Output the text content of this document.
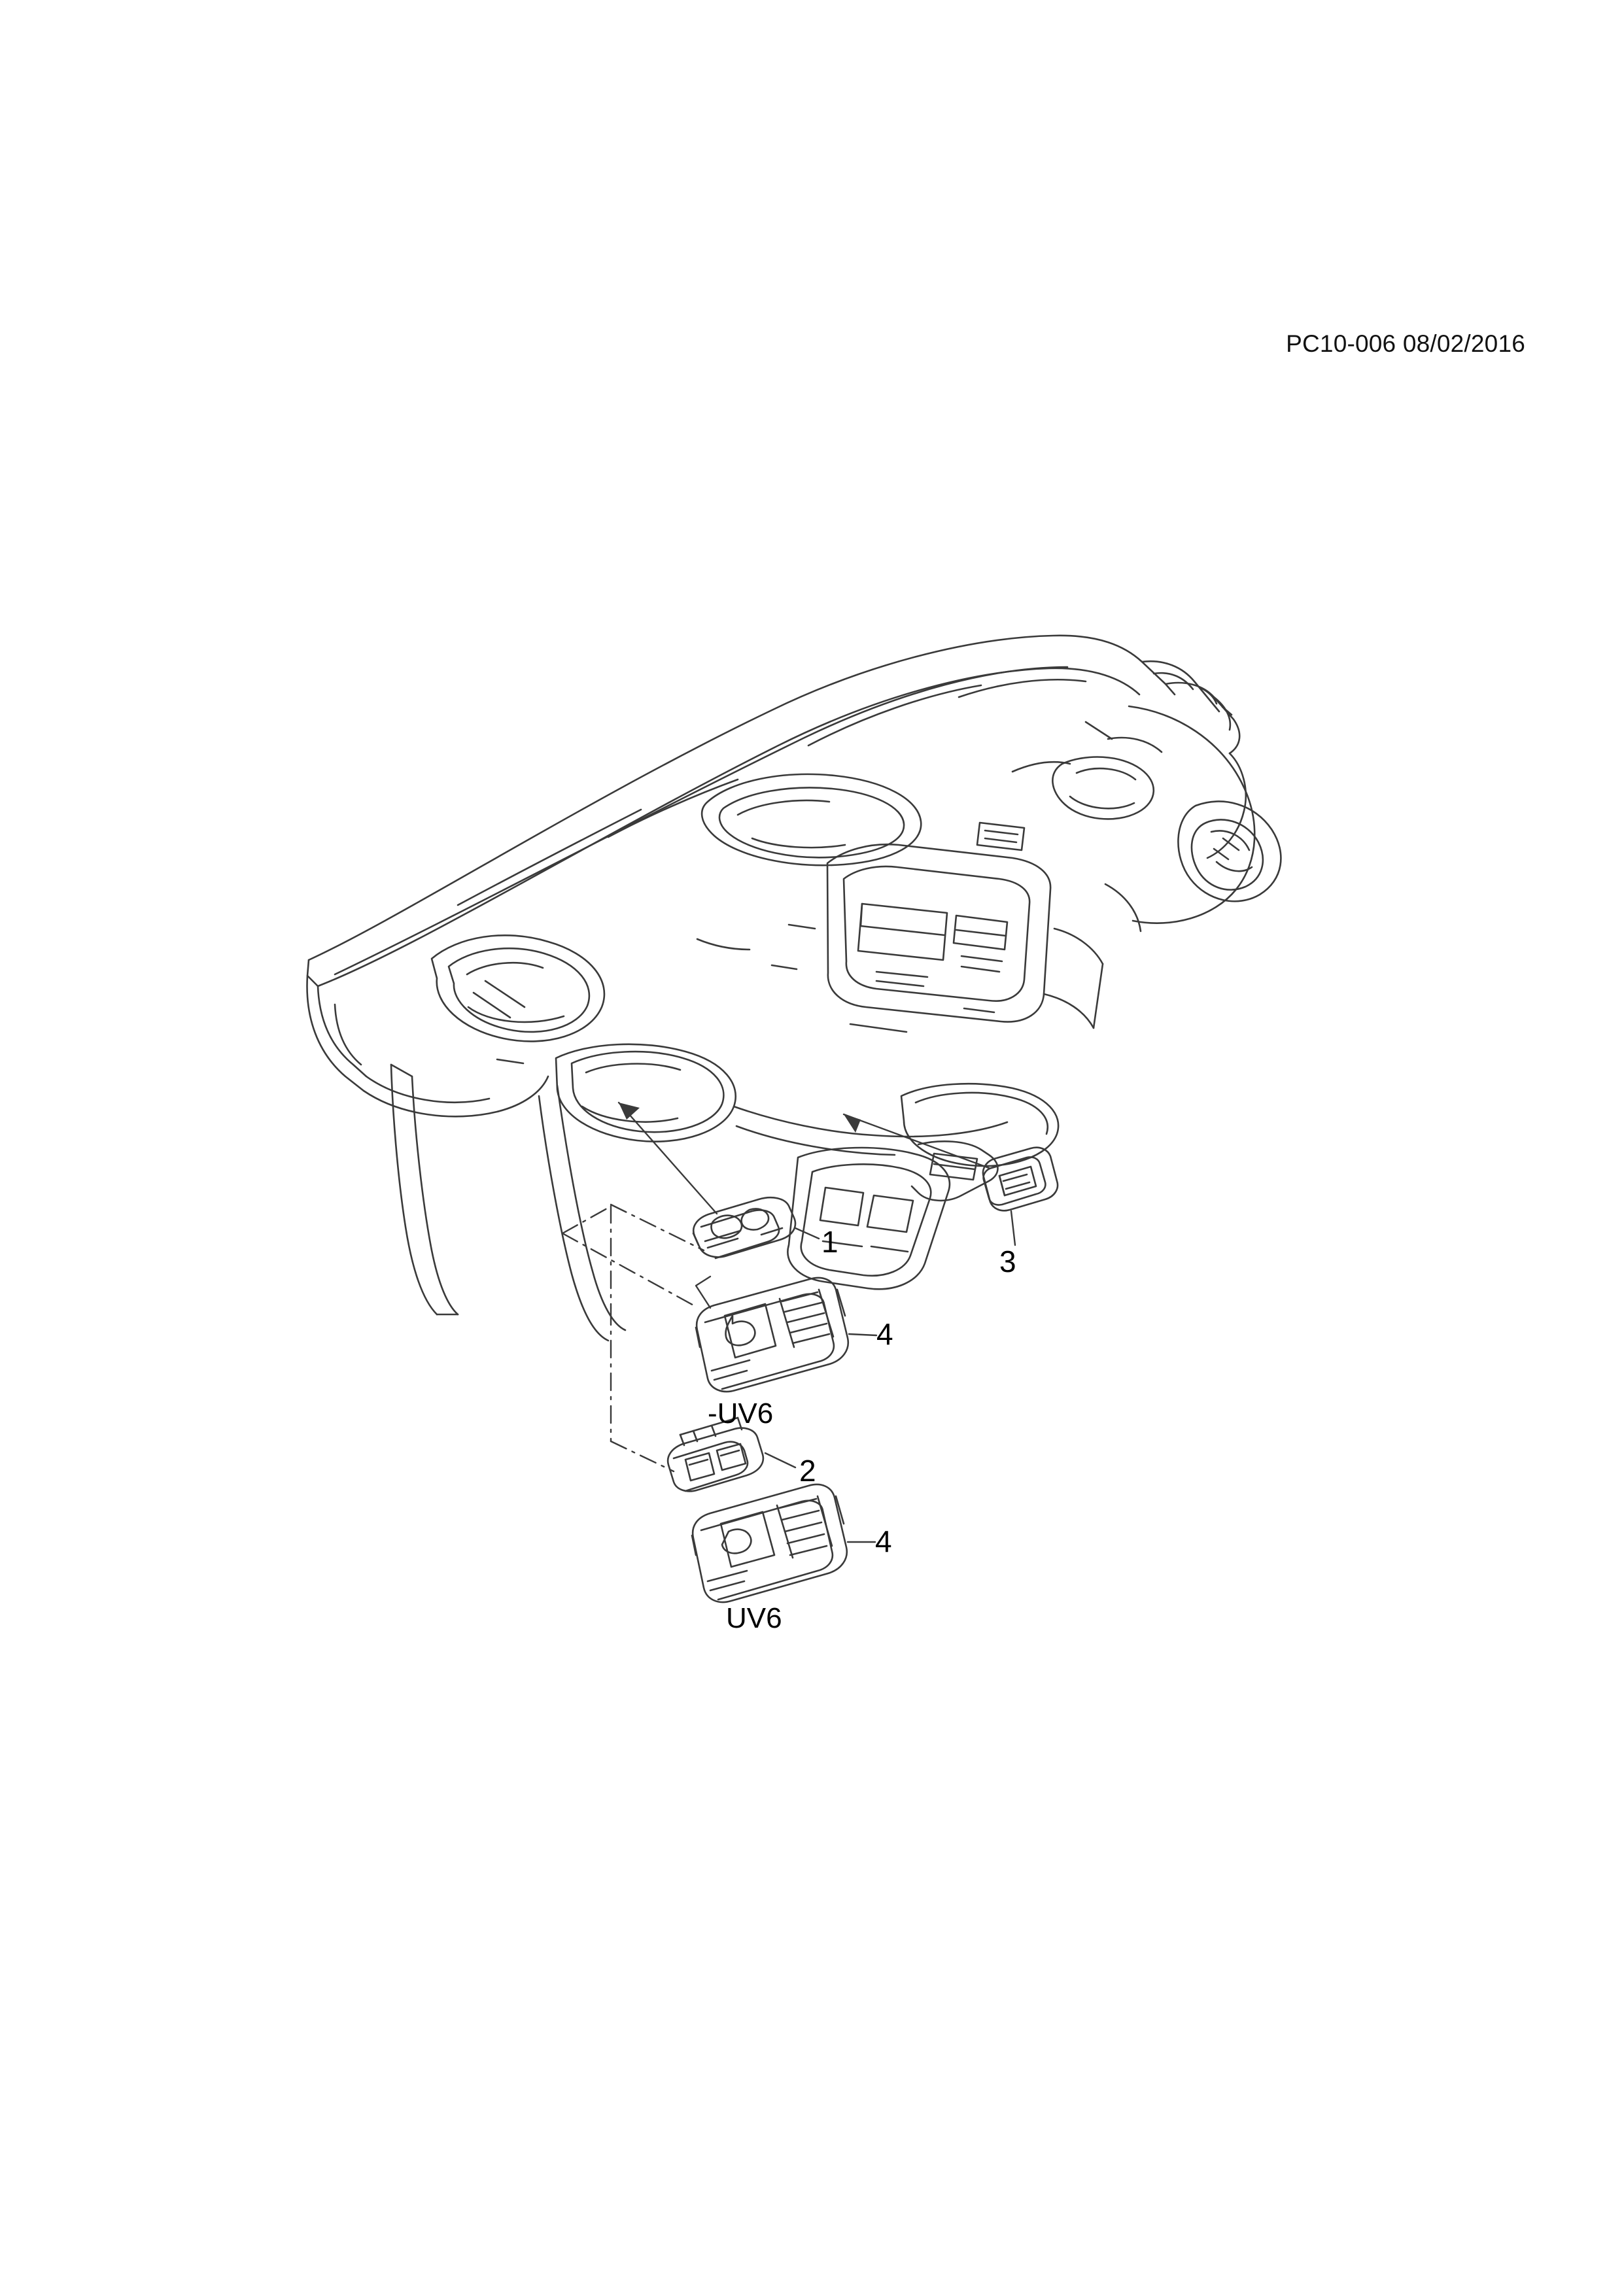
PC10-006 08/02/2016
1
2
3
4
4
-UV6
UV6
